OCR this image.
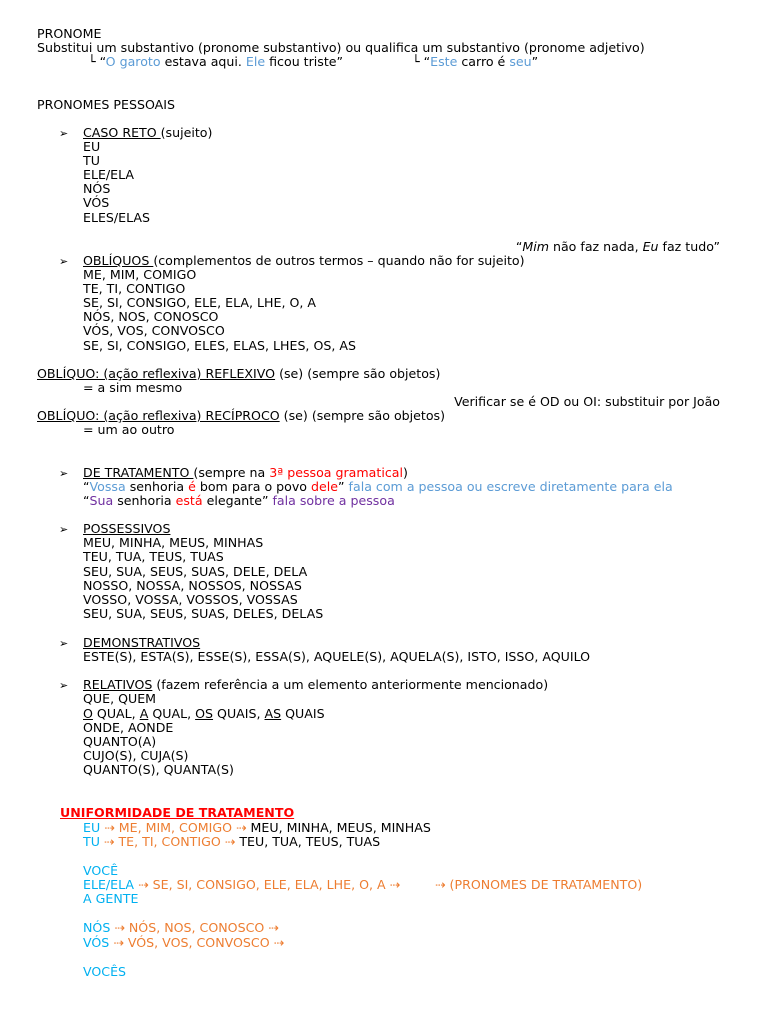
PRONOME
Substitui um substantivo (pronome substantivo) ou qualifica um substantivo (pronome adjetivo)
└ “O garoto estava aqui. Ele ficou triste”	└ “Este carro é seu”
PRONOMES PESSOAIS
➢ CASO RETO (sujeito)
EU
TU
ELE/ELA
NÓS
VÓS
ELES/ELAS
“Mim não faz nada, Eu faz tudo”
➢ OBLÍQUOS (complementos de outros termos – quando não for sujeito)
ME, MIM, COMIGO
TE, TI, CONTIGO
SE, SI, CONSIGO, ELE, ELA, LHE, O, A
NÓS, NOS, CONOSCO
VÓS, VOS, CONVOSCO
SE, SI, CONSIGO, ELES, ELAS, LHES, OS, AS
OBLÍQUO: (ação reflexiva) REFLEXIVO (se) (sempre são objetos)
= a sim mesmo
Verificar se é OD ou OI: substituir por João
OBLÍQUO: (ação reflexiva) RECÍPROCO (se) (sempre são objetos)
= um ao outro
➢ DE TRATAMENTO (sempre na 3ª pessoa gramatical)
“Vossa senhoria é bom para o povo dele” fala com a pessoa ou escreve diretamente para ela
“Sua senhoria está elegante” fala sobre a pessoa
➢ POSSESSIVOS
MEU, MINHA, MEUS, MINHAS
TEU, TUA, TEUS, TUAS
SEU, SUA, SEUS, SUAS, DELE, DELA
NOSSO, NOSSA, NOSSOS, NOSSAS
VOSSO, VOSSA, VOSSOS, VOSSAS
SEU, SUA, SEUS, SUAS, DELES, DELAS
➢ DEMONSTRATIVOS
ESTE(S), ESTA(S), ESSE(S), ESSA(S), AQUELE(S), AQUELA(S), ISTO, ISSO, AQUILO
➢ RELATIVOS (fazem referência a um elemento anteriormente mencionado)
QUE, QUEM
O QUAL, A QUAL, OS QUAIS, AS QUAIS
ONDE, AONDE
QUANTO(A)
CUJO(S), CUJA(S)
QUANTO(S), QUANTA(S)
UNIFORMIDADE DE TRATAMENTO
EU ⇢ ME, MIM, COMIGO ⇢ MEU, MINHA, MEUS, MINHAS
TU ⇢ TE, TI, CONTIGO ⇢ TEU, TUA, TEUS, TUAS
VOCÊ
ELE/ELA ⇢ SE, SI, CONSIGO, ELE, ELA, LHE, O, A ⇢	⇢ (PRONOMES DE TRATAMENTO)
A GENTE
NÓS ⇢ NÓS, NOS, CONOSCO ⇢
VÓS ⇢ VÓS, VOS, CONVOSCO ⇢
VOCÊS
